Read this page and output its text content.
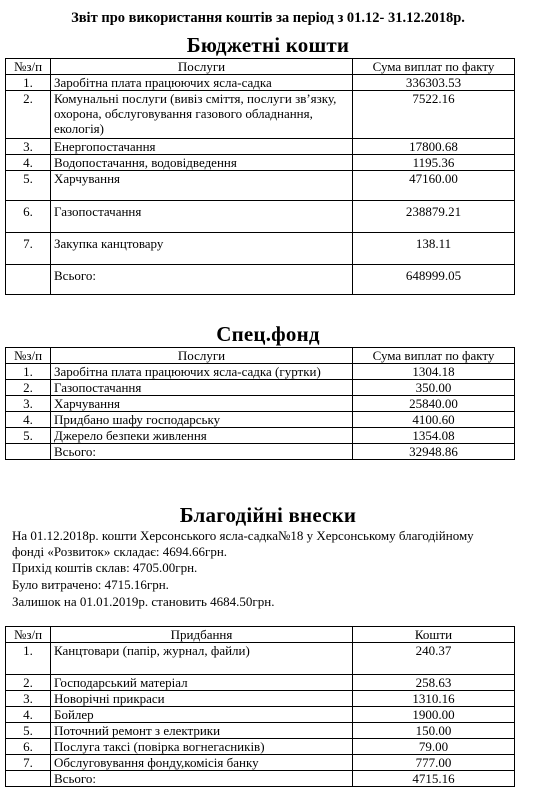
Звіт про використання коштів за період з 01.12- 31.12.2018р.
Бюджетні кошти
№з/п	Послуги	Сума виплат по факту
1.	Заробітна плата працюючих ясла-садка	336303.53
2.	Комунальні послуги (вивіз сміття, послуги зв’язку, охорона, обслуговування газового обладнання, екологія)	7522.16
3.	Енергопостачання	17800.68
4.	Водопостачання, водовідведення	1195.36
5.	Харчування	47160.00
6.	Газопостачання	238879.21
7.	Закупка канцтовару	138.11
	Всього:	648999.05
Спец.фонд
№з/п	Послуги	Сума виплат по факту
1.	Заробітна плата працюючих ясла-садка (гуртки)	1304.18
2.	Газопостачання	350.00
3.	Харчування	25840.00
4.	Придбано шафу господарську	4100.60
5.	Джерело безпеки живлення	1354.08
	Всього:	32948.86
Благодійні внески
На 01.12.2018р. кошти Херсонського ясла-садка№18 у Херсонському благодійному
фонді «Розвиток» складає: 4694.66грн.
Прихід коштів склав: 4705.00грн.
Було витрачено: 4715.16грн.
Залишок на 01.01.2019р. становить 4684.50грн.
№з/п	Придбання	Кошти
1.	Канцтовари (папір, журнал, файли)	240.37
2.	Господарський матеріал	258.63
3.	Новорічні прикраси	1310.16
4.	Бойлер	1900.00
5.	Поточний ремонт з електрики	150.00
6.	Послуга таксі (повірка вогнегасників)	79.00
7.	Обслуговування фонду,комісія банку	777.00
	Всього:	4715.16
